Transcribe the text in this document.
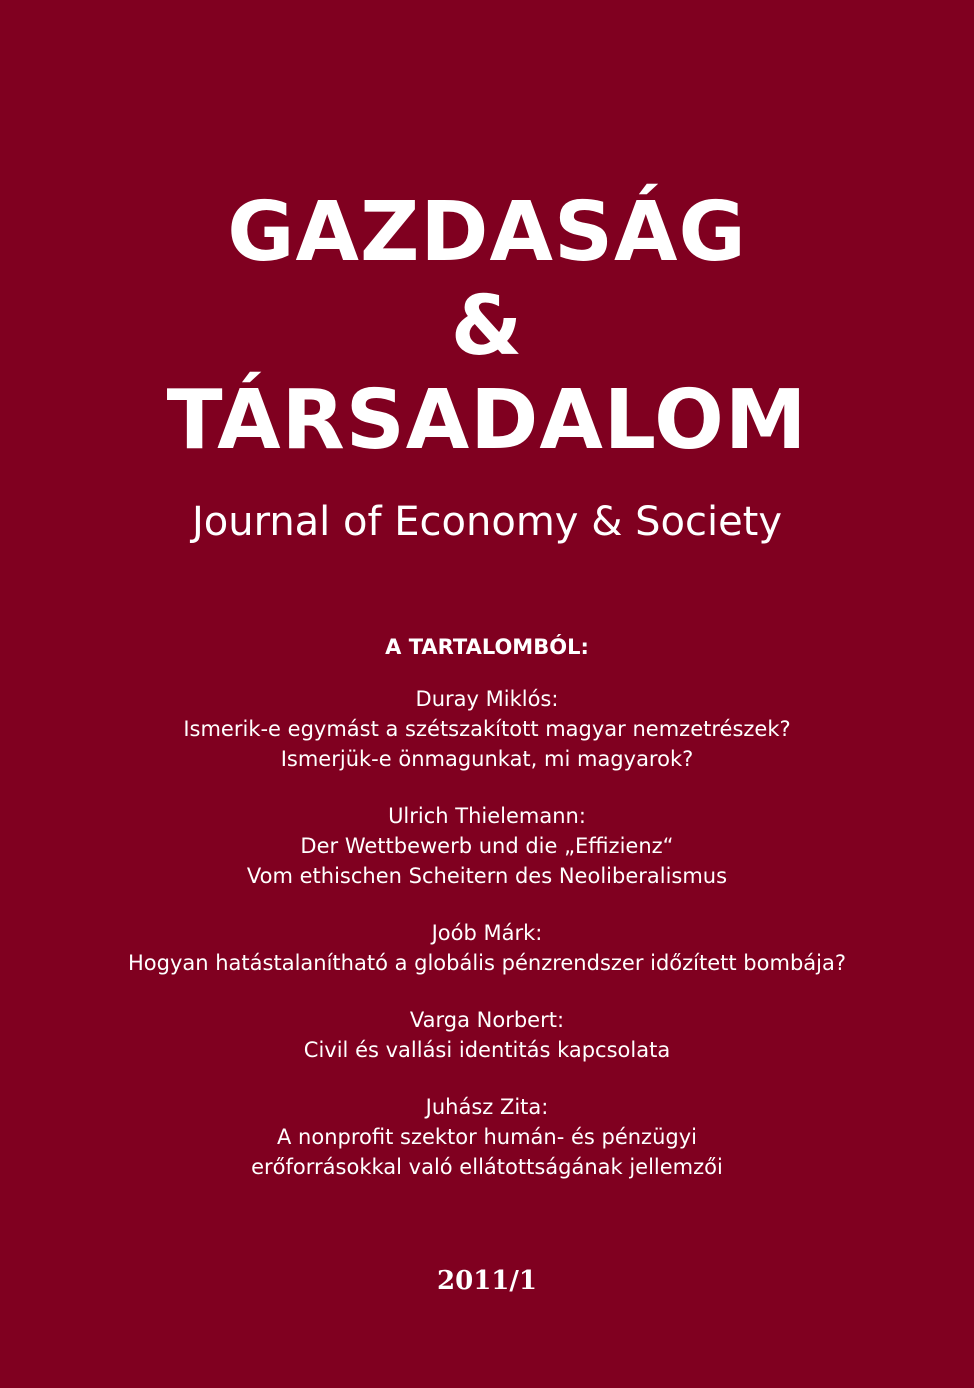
GAZDASÁG
&
TÁRSADALOM
Journal of Economy & Society
A TARTALOMBÓL:
Duray Miklós:
Ismerik-e egymást a szétszakított magyar nemzetrészek?
Ismerjük-e önmagunkat, mi magyarok?
Ulrich Thielemann:
Der Wettbewerb und die „Effizienz“
Vom ethischen Scheitern des Neoliberalismus
Joób Márk:
Hogyan hatástalanítható a globális pénzrendszer időzített bombája?
Varga Norbert:
Civil és vallási identitás kapcsolata
Juhász Zita:
A nonprofit szektor humán- és pénzügyi
erőforrásokkal való ellátottságának jellemzői
2011/1
